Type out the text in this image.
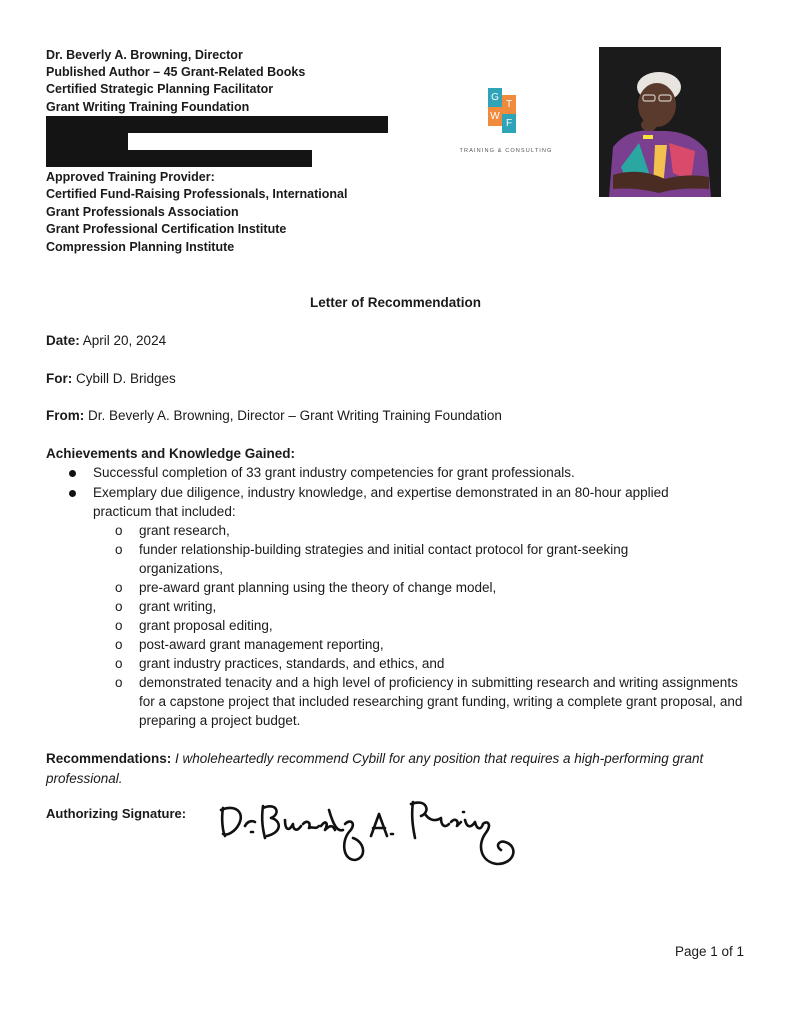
Dr. Beverly A. Browning, Director
Published Author – 45 Grant-Related Books
Certified Strategic Planning Facilitator
Grant Writing Training Foundation
Approved Training Provider:
Certified Fund-Raising Professionals, International
Grant Professionals Association
Grant Professional Certification Institute
Compression Planning Institute
G
T
W
F
TRAINING & CONSULTING
Letter of Recommendation
Date: April 20, 2024
For: Cybill D. Bridges
From: Dr. Beverly A. Browning, Director – Grant Writing Training Foundation
Achievements and Knowledge Gained:
Successful completion of 33 grant industry competencies for grant professionals.
Exemplary due diligence, industry knowledge, and expertise demonstrated in an 80-hour applied
practicum that included:
o grant research,
o funder relationship-building strategies and initial contact protocol for grant-seeking organizations,
o pre-award grant planning using the theory of change model,
o grant writing,
o grant proposal editing,
o post-award grant management reporting,
o grant industry practices, standards, and ethics, and
o demonstrated tenacity and a high level of proficiency in submitting research and writing assignments for a capstone project that included researching grant funding, writing a complete grant proposal, and preparing a project budget.
Recommendations: I wholeheartedly recommend Cybill for any position that requires a high-performing grant professional.
Authorizing Signature:
Page 1 of 1
